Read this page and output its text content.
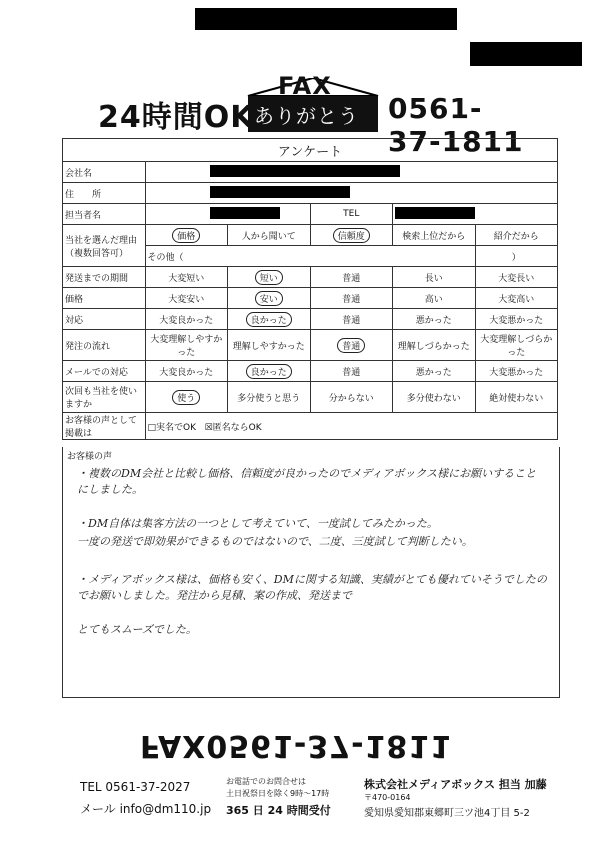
24時間OK
FAX
ありがとう 0561-37-1811
アンケート					
会社名					
住　　所					
担当者名			TEL		
当社を選んだ理由（複数回答可）	価格	人から聞いて	信頼度	検索上位だから	紹介だから
	その他（				）
発送までの期間	大変短い	短い	普通	長い	大変長い
価格	大変安い	安い	普通	高い	大変高い
対応	大変良かった	良かった	普通	悪かった	大変悪かった
発注の流れ	大変理解しやすかった	理解しやすかった	普通	理解しづらかった	大変理解しづらかった
メールでの対応	大変良かった	良かった	普通	悪かった	大変悪かった
次回も当社を使いますか	使う	多分使うと思う	分からない	多分使わない	絶対使わない
お客様の声として掲載は	□実名でOK ☒匿名ならOK				
お客様の声
・複数のDM会社と比較し価格、信頼度が良かったのでメディアボックス様にお願いすることにしました。
・DM自体は集客方法の一つとして考えていて、一度試してみたかった。
一度の発送で即効果ができるものではないので、二度、三度試して判断したい。
・メディアボックス様は、価格も安く、DMに関する知識、実績がとても優れていそうでしたのでお願いしました。発注から見積、案の作成、発送まで
とてもスムーズでした。
FAX0561-37-1811
TEL 0561-37-2027
メール info@dm110.jp
お電話でのお問合せは
土日祝祭日を除く9時〜17時
365 日 24 時間受付
株式会社メディアボックス 担当 加藤
〒470-0164
愛知県愛知郡東郷町三ツ池4丁目 5-2
